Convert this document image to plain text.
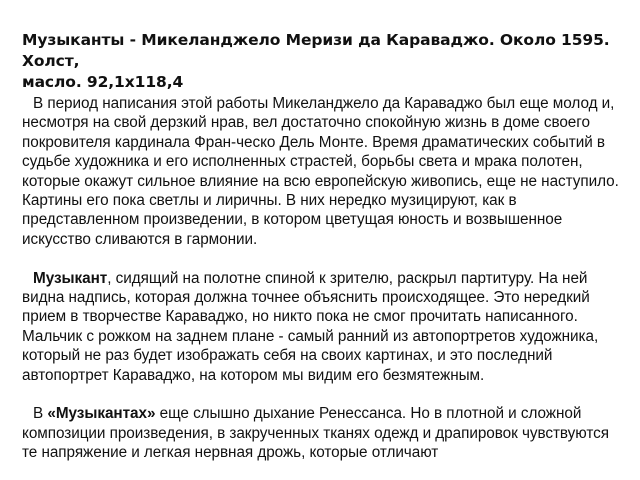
Музыканты - Микеланджело Меризи да Караваджо. Около 1595. Холст,
масло. 92,1х118,4

В период написания этой работы Микеланджело да Караваджо был еще молод и, несмотря на свой дерзкий нрав, вел достаточно спокойную жизнь в доме своего покровителя кардинала Фран-ческо Дель Монте. Время драматических событий в судьбе художника и его исполненных страстей, борьбы света и мрака полотен, которые окажут сильное влияние на всю европейскую живопись, еще не наступило. Картины его пока светлы и лиричны. В них нередко музицируют, как в представленном произведении, в котором цветущая юность и возвышенное искусство сливаются в гармонии.

Музыкант, сидящий на полотне спиной к зрителю, раскрыл партитуру. На ней видна надпись, которая должна точнее объяснить происходящее. Это нередкий прием в творчестве Караваджо, но никто пока не смог прочитать написанного. Мальчик с рожком на заднем плане - самый ранний из автопортретов художника, который не раз будет изображать себя на своих картинах, и это последний автопортрет Караваджо, на котором мы видим его безмятежным.

В «Музыкантах» еще слышно дыхание Ренессанса. Но в плотной и сложной композиции произведения, в закрученных тканях одежд и драпировок чувствуются те напряжение и легкая нервная дрожь, которые отличают
